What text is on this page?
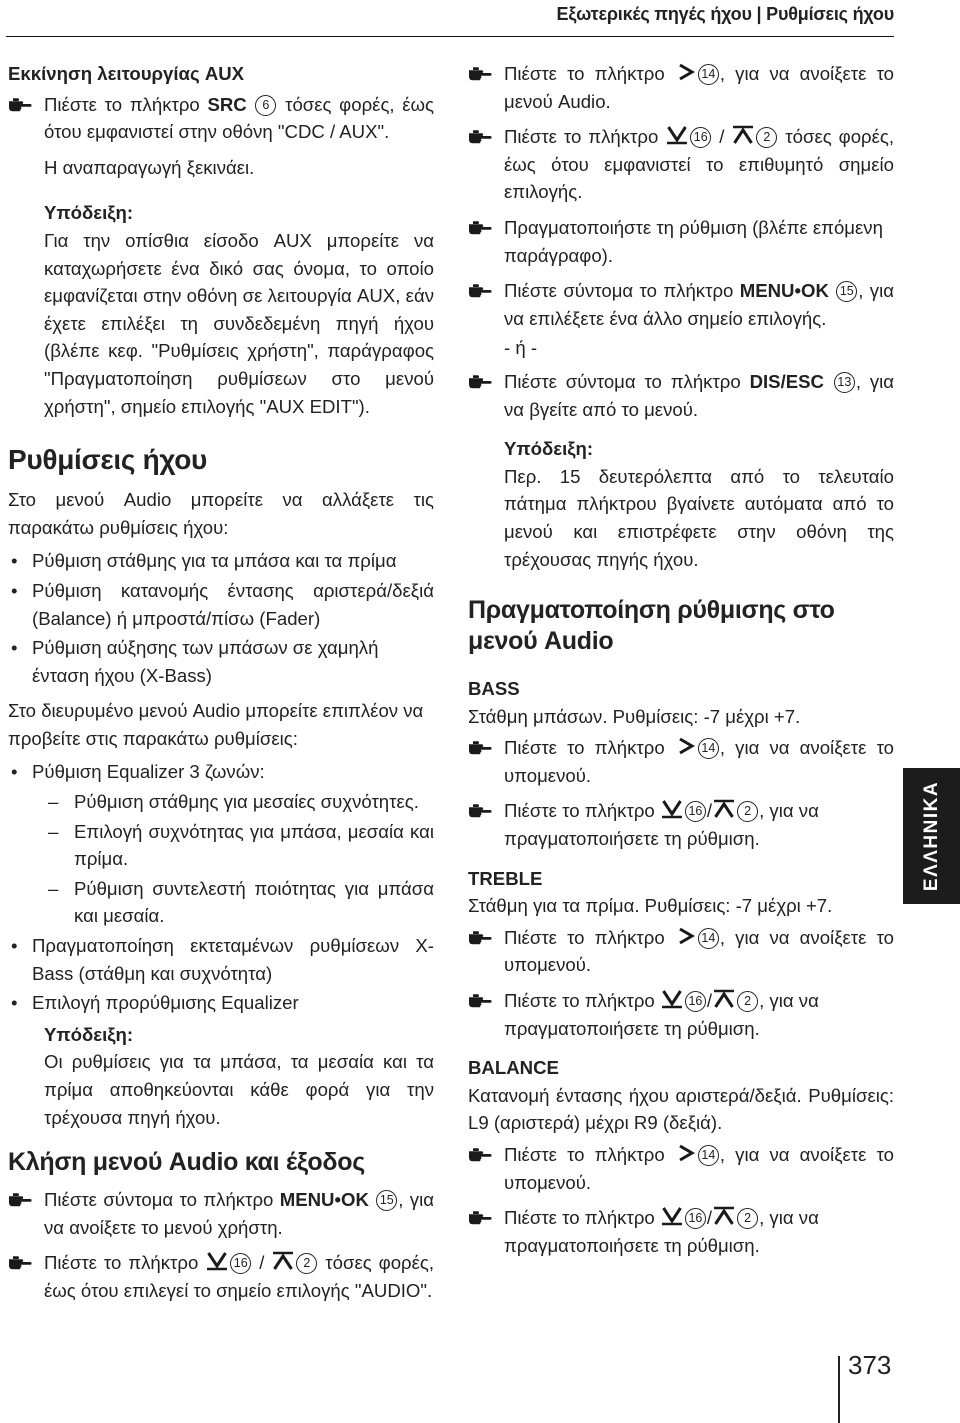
Εξωτερικές πηγές ήχου | Ρυθμίσεις ήχου

Εκκίνηση λειτουργίας AUX

Πιέστε το πλήκτρο SRC 6 τόσες φορές, έως ότου εμφανιστεί στην οθόνη "CDC / AUX".
Η αναπαραγωγή ξεκινάει.
Υπόδειξη:
Για την οπίσθια είσοδο AUX μπορείτε να καταχωρήσετε ένα δικό σας όνομα, το οποίο εμφανίζεται στην οθόνη σε λειτουργία AUX, εάν έχετε επιλέξει τη συνδεδεμένη πηγή ήχου (βλέπε κεφ. "Ρυθμίσεις χρήστη", παράγραφος "Πραγματοποίηση ρυθμίσεων στο μενού χρήστη", σημείο επιλογής "AUX EDIT").
Ρυθμίσεις ήχου

Στο μενού Audio μπορείτε να αλλάξετε τις παρακάτω ρυθμίσεις ήχου:

• Ρύθμιση στάθμης για τα μπάσα και τα πρίμα
• Ρύθμιση κατανομής έντασης αριστερά/δεξιά (Balance) ή μπροστά/πίσω (Fader)
• Ρύθμιση αύξησης των μπάσων σε χαμηλή ένταση ήχου (X-Bass)

Στο διευρυμένο μενού Audio μπορείτε επιπλέον να προβείτε στις παρακάτω ρυθμίσεις:

• Ρύθμιση Equalizer 3 ζωνών:
– Ρύθμιση στάθμης για μεσαίες συχνότητες.
– Επιλογή συχνότητας για μπάσα, μεσαία και πρίμα.
– Ρύθμιση συντελεστή ποιότητας για μπάσα και μεσαία.
• Πραγματοποίηση εκτεταμένων ρυθμίσεων X-Bass (στάθμη και συχνότητα)
• Επιλογή προρύθμισης Equalizer
Υπόδειξη:
Οι ρυθμίσεις για τα μπάσα, τα μεσαία και τα πρίμα αποθηκεύονται κάθε φορά για την τρέχουσα πηγή ήχου.
Κλήση μενού Audio και έξοδος
Πιέστε σύντομα το πλήκτρο MENU•OK 15 , για να ανοίξετε το μενού χρήστη.
Πιέστε το πλήκτρο	16 /	2 τόσες φορές, έως ότου επιλεγεί το σημείο επιλογής "AUDIO".
Πιέστε το πλήκτρο	14 , για να ανοίξετε το μενού Audio.
Πιέστε το πλήκτρο	16 /	2 τόσες φορές, έως ότου εμφανιστεί το επιθυμητό σημείο επιλογής.
Πραγματοποιήστε τη ρύθμιση (βλέπε επόμενη παράγραφο).
Πιέστε σύντομα το πλήκτρο MENU•OK 15 , για να επιλέξετε ένα άλλο σημείο επιλογής.
- ή -
Πιέστε σύντομα το πλήκτρο DIS/ESC 13 , για να βγείτε από το μενού.
Υπόδειξη:
Περ. 15 δευτερόλεπτα από το τελευταίο πάτημα πλήκτρου βγαίνετε αυτόματα από το μενού και επιστρέφετε στην οθόνη της τρέχουσας πηγής ήχου.
Πραγματοποίηση ρύθμισης στο μενού Audio
BASS
Στάθμη μπάσων. Ρυθμίσεις: -7 μέχρι +7.
Πιέστε το πλήκτρο	14 , για να ανοίξετε το υπομενού.
Πιέστε το πλήκτρο	16 /	2 , για να πραγματοποιήσετε τη ρύθμιση.
TREBLE
Στάθμη για τα πρίμα. Ρυθμίσεις: -7 μέχρι +7.
Πιέστε το πλήκτρο	14 , για να ανοίξετε το υπομενού.
Πιέστε το πλήκτρο	16 /	2 , για να πραγματοποιήσετε τη ρύθμιση.
BALANCE
Κατανομή έντασης ήχου αριστερά/δεξιά. Ρυθμίσεις: L9 (αριστερά) μέχρι R9 (δεξιά).
Πιέστε το πλήκτρο	14 , για να ανοίξετε το υπομενού.
Πιέστε το πλήκτρο	16 /	2 , για να πραγματοποιήσετε τη ρύθμιση.
ΕΛΛΗΝΙΚΑ
373
